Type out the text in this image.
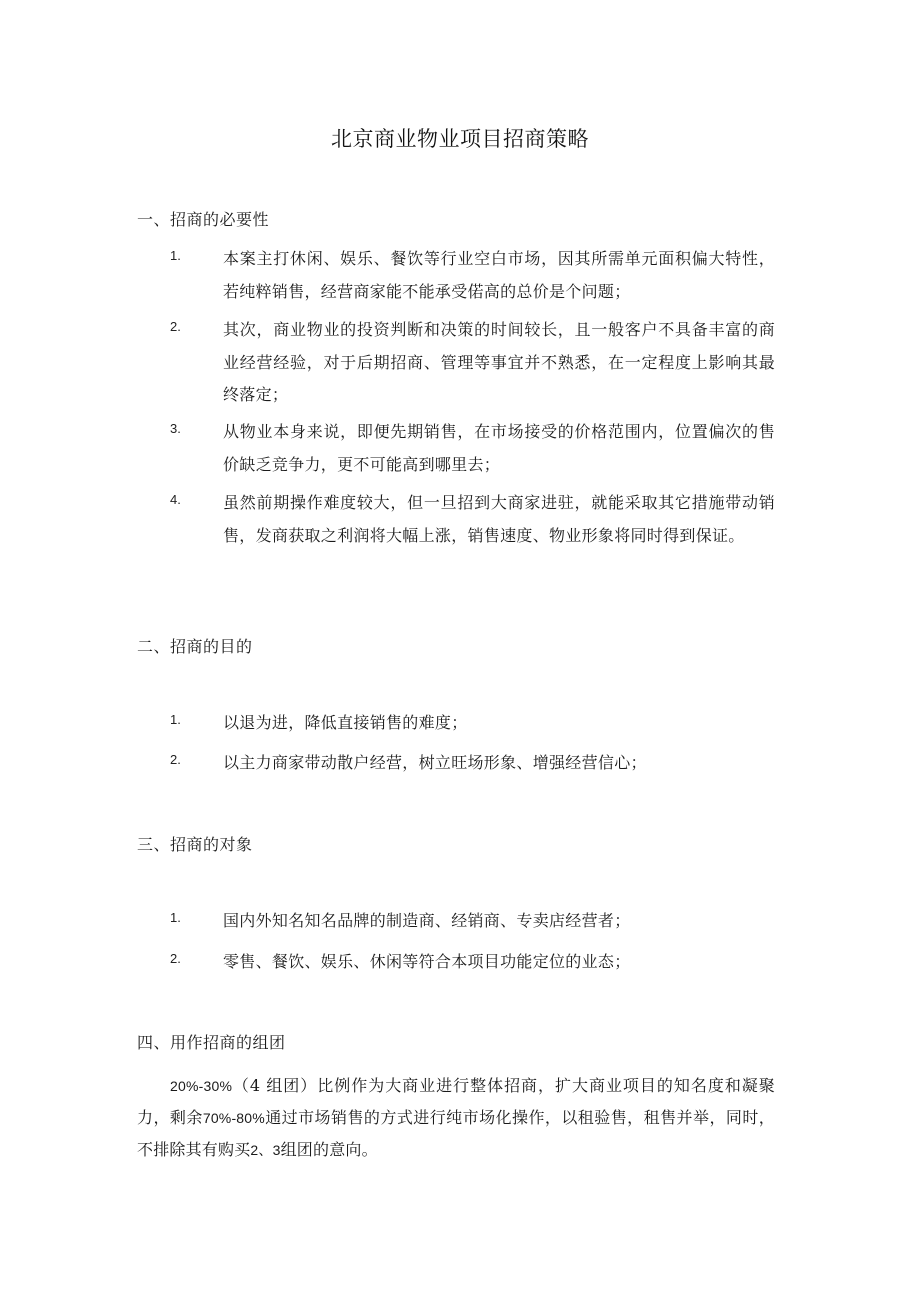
北京商业物业项目招商策略
一、招商的必要性
1.	本案主打休闲、娱乐、餐饮等行业空白市场，因其所需单元面积偏大特性，若纯粹销售，经营商家能不能承受偌高的总价是个问题；
2.	其次，商业物业的投资判断和决策的时间较长，且一般客户不具备丰富的商业经营经验，对于后期招商、管理等事宜并不熟悉，在一定程度上影响其最终落定；
3.	从物业本身来说，即便先期销售，在市场接受的价格范围内，位置偏次的售价缺乏竞争力，更不可能高到哪里去；
4.	虽然前期操作难度较大，但一旦招到大商家进驻，就能采取其它措施带动销售，发商获取之利润将大幅上涨，销售速度、物业形象将同时得到保证。
二、招商的目的
1.	以退为进，降低直接销售的难度；
2.	以主力商家带动散户经营，树立旺场形象、增强经营信心；
三、招商的对象
1.	国内外知名知名品牌的制造商、经销商、专卖店经营者；
2.	零售、餐饮、娱乐、休闲等符合本项目功能定位的业态；
四、用作招商的组团
20%-30%（4 组团）比例作为大商业进行整体招商，扩大商业项目的知名度和凝聚力，剩余70%-80%通过市场销售的方式进行纯市场化操作，以租验售，租售并举，同时，不排除其有购买2、3组团的意向。
